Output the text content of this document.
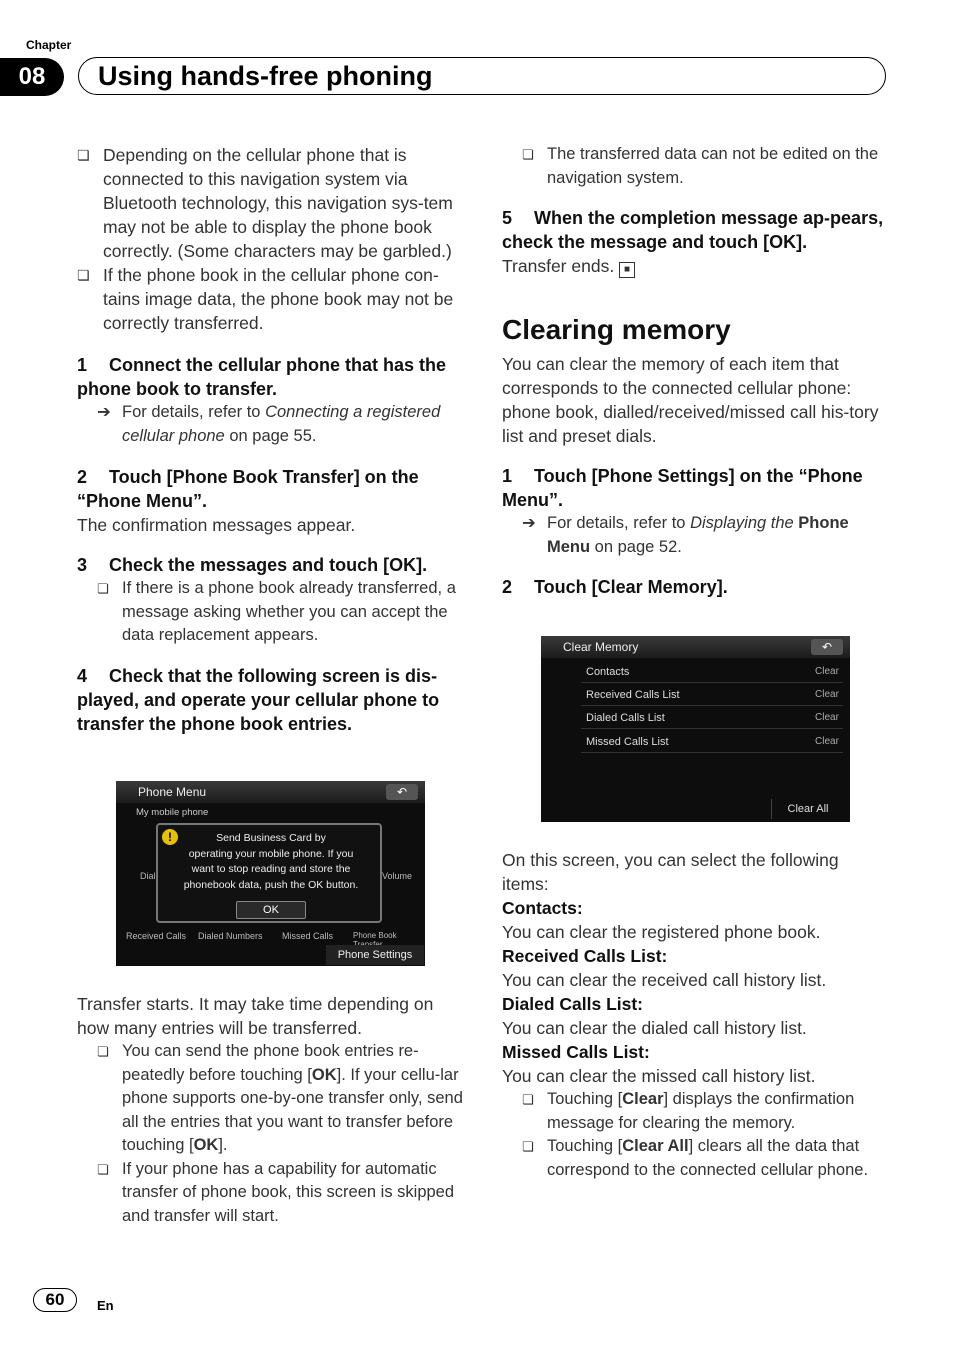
Chapter
08	Using hands-free phoning
❏ Depending on the cellular phone that is connected to this navigation system via Bluetooth technology, this navigation sys-tem may not be able to display the phone book correctly. (Some characters may be garbled.)
❏ If the phone book in the cellular phone con-tains image data, the phone book may not be correctly transferred.
1 Connect the cellular phone that has the phone book to transfer.
➔ For details, refer to Connecting a registered cellular phone on page 55.
2 Touch [Phone Book Transfer] on the “Phone Menu”.
The confirmation messages appear.
3 Check the messages and touch [OK].
❏ If there is a phone book already transferred, a message asking whether you can accept the data replacement appears.
4 Check that the following screen is dis-played, and operate your cellular phone to transfer the phone book entries.
Phone Menu	↶
My mobile phone
Dial	Volume
!	Send Business Card by
operating your mobile phone. If you
want to stop reading and store the
phonebook data, push the OK button.
OK
Received Calls Dialed Numbers Missed Calls Phone Book
Phone Settings
Transfer starts. It may take time depending on how many entries will be transferred.
❏ You can send the phone book entries re-peatedly before touching [OK]. If your cellu-lar phone supports one-by-one transfer only, send all the entries that you want to transfer before touching [OK].
❏ If your phone has a capability for automatic transfer of phone book, this screen is skipped and transfer will start.
❏ The transferred data can not be edited on the navigation system.
5 When the completion message ap-pears, check the message and touch [OK].
Transfer ends. ■
Clearing memory
You can clear the memory of each item that corresponds to the connected cellular phone: phone book, dialled/received/missed call his-tory list and preset dials.
1 Touch [Phone Settings] on the “Phone Menu”.
➔ For details, refer to Displaying the Phone Menu on page 52.
2 Touch [Clear Memory].
Clear Memory	↶
Contacts	Clear
Received Calls List	Clear
Dialed Calls List	Clear
Missed Calls List	Clear
Clear All
On this screen, you can select the following items:
Contacts:
You can clear the registered phone book.
Received Calls List:
You can clear the received call history list.
Dialed Calls List:
You can clear the dialed call history list.
Missed Calls List:
You can clear the missed call history list.
❏ Touching [Clear] displays the confirmation message for clearing the memory.
❏ Touching [Clear All] clears all the data that correspond to the connected cellular phone.
60	En
